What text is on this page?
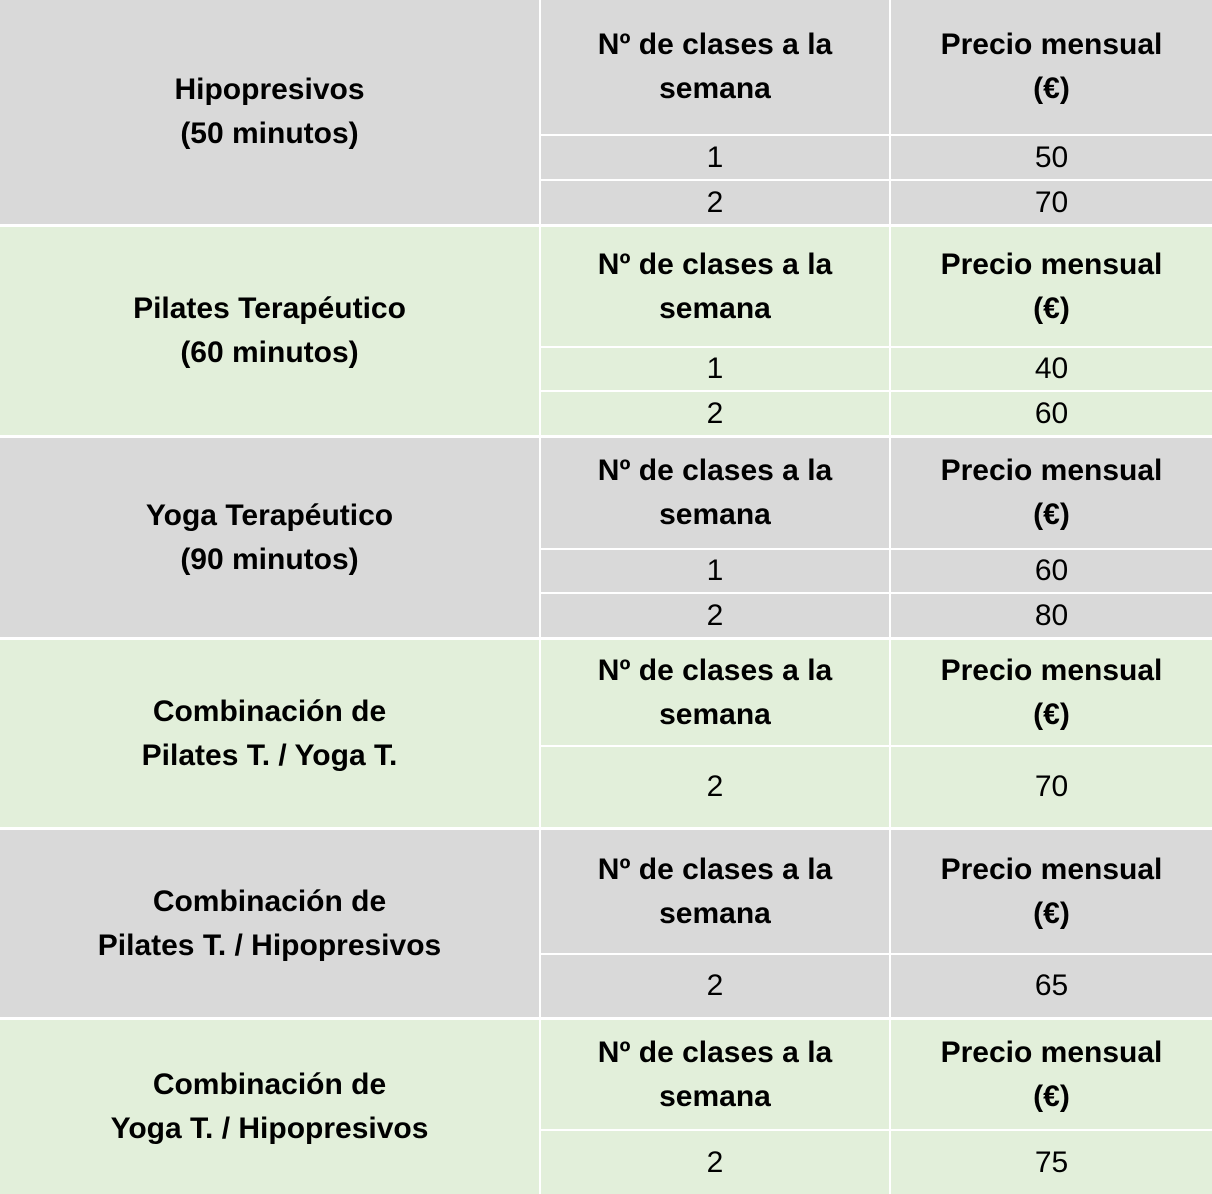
Hipopresivos
(50 minutos)
Nº de clases a la
semana
Precio mensual
(€)
1	50
2	70
Pilates Terapéutico
(60 minutos)
Nº de clases a la
semana
Precio mensual
(€)
1	40
2	60
Yoga Terapéutico
(90 minutos)
Nº de clases a la
semana
Precio mensual
(€)
1	60
2	80
Combinación de
Pilates T. / Yoga T.
Nº de clases a la
semana
Precio mensual
(€)
2	70
Combinación de
Pilates T. / Hipopresivos
Nº de clases a la
semana
Precio mensual
(€)
2	65
Combinación de
Yoga T. / Hipopresivos
Nº de clases a la
semana
Precio mensual
(€)
2	75
